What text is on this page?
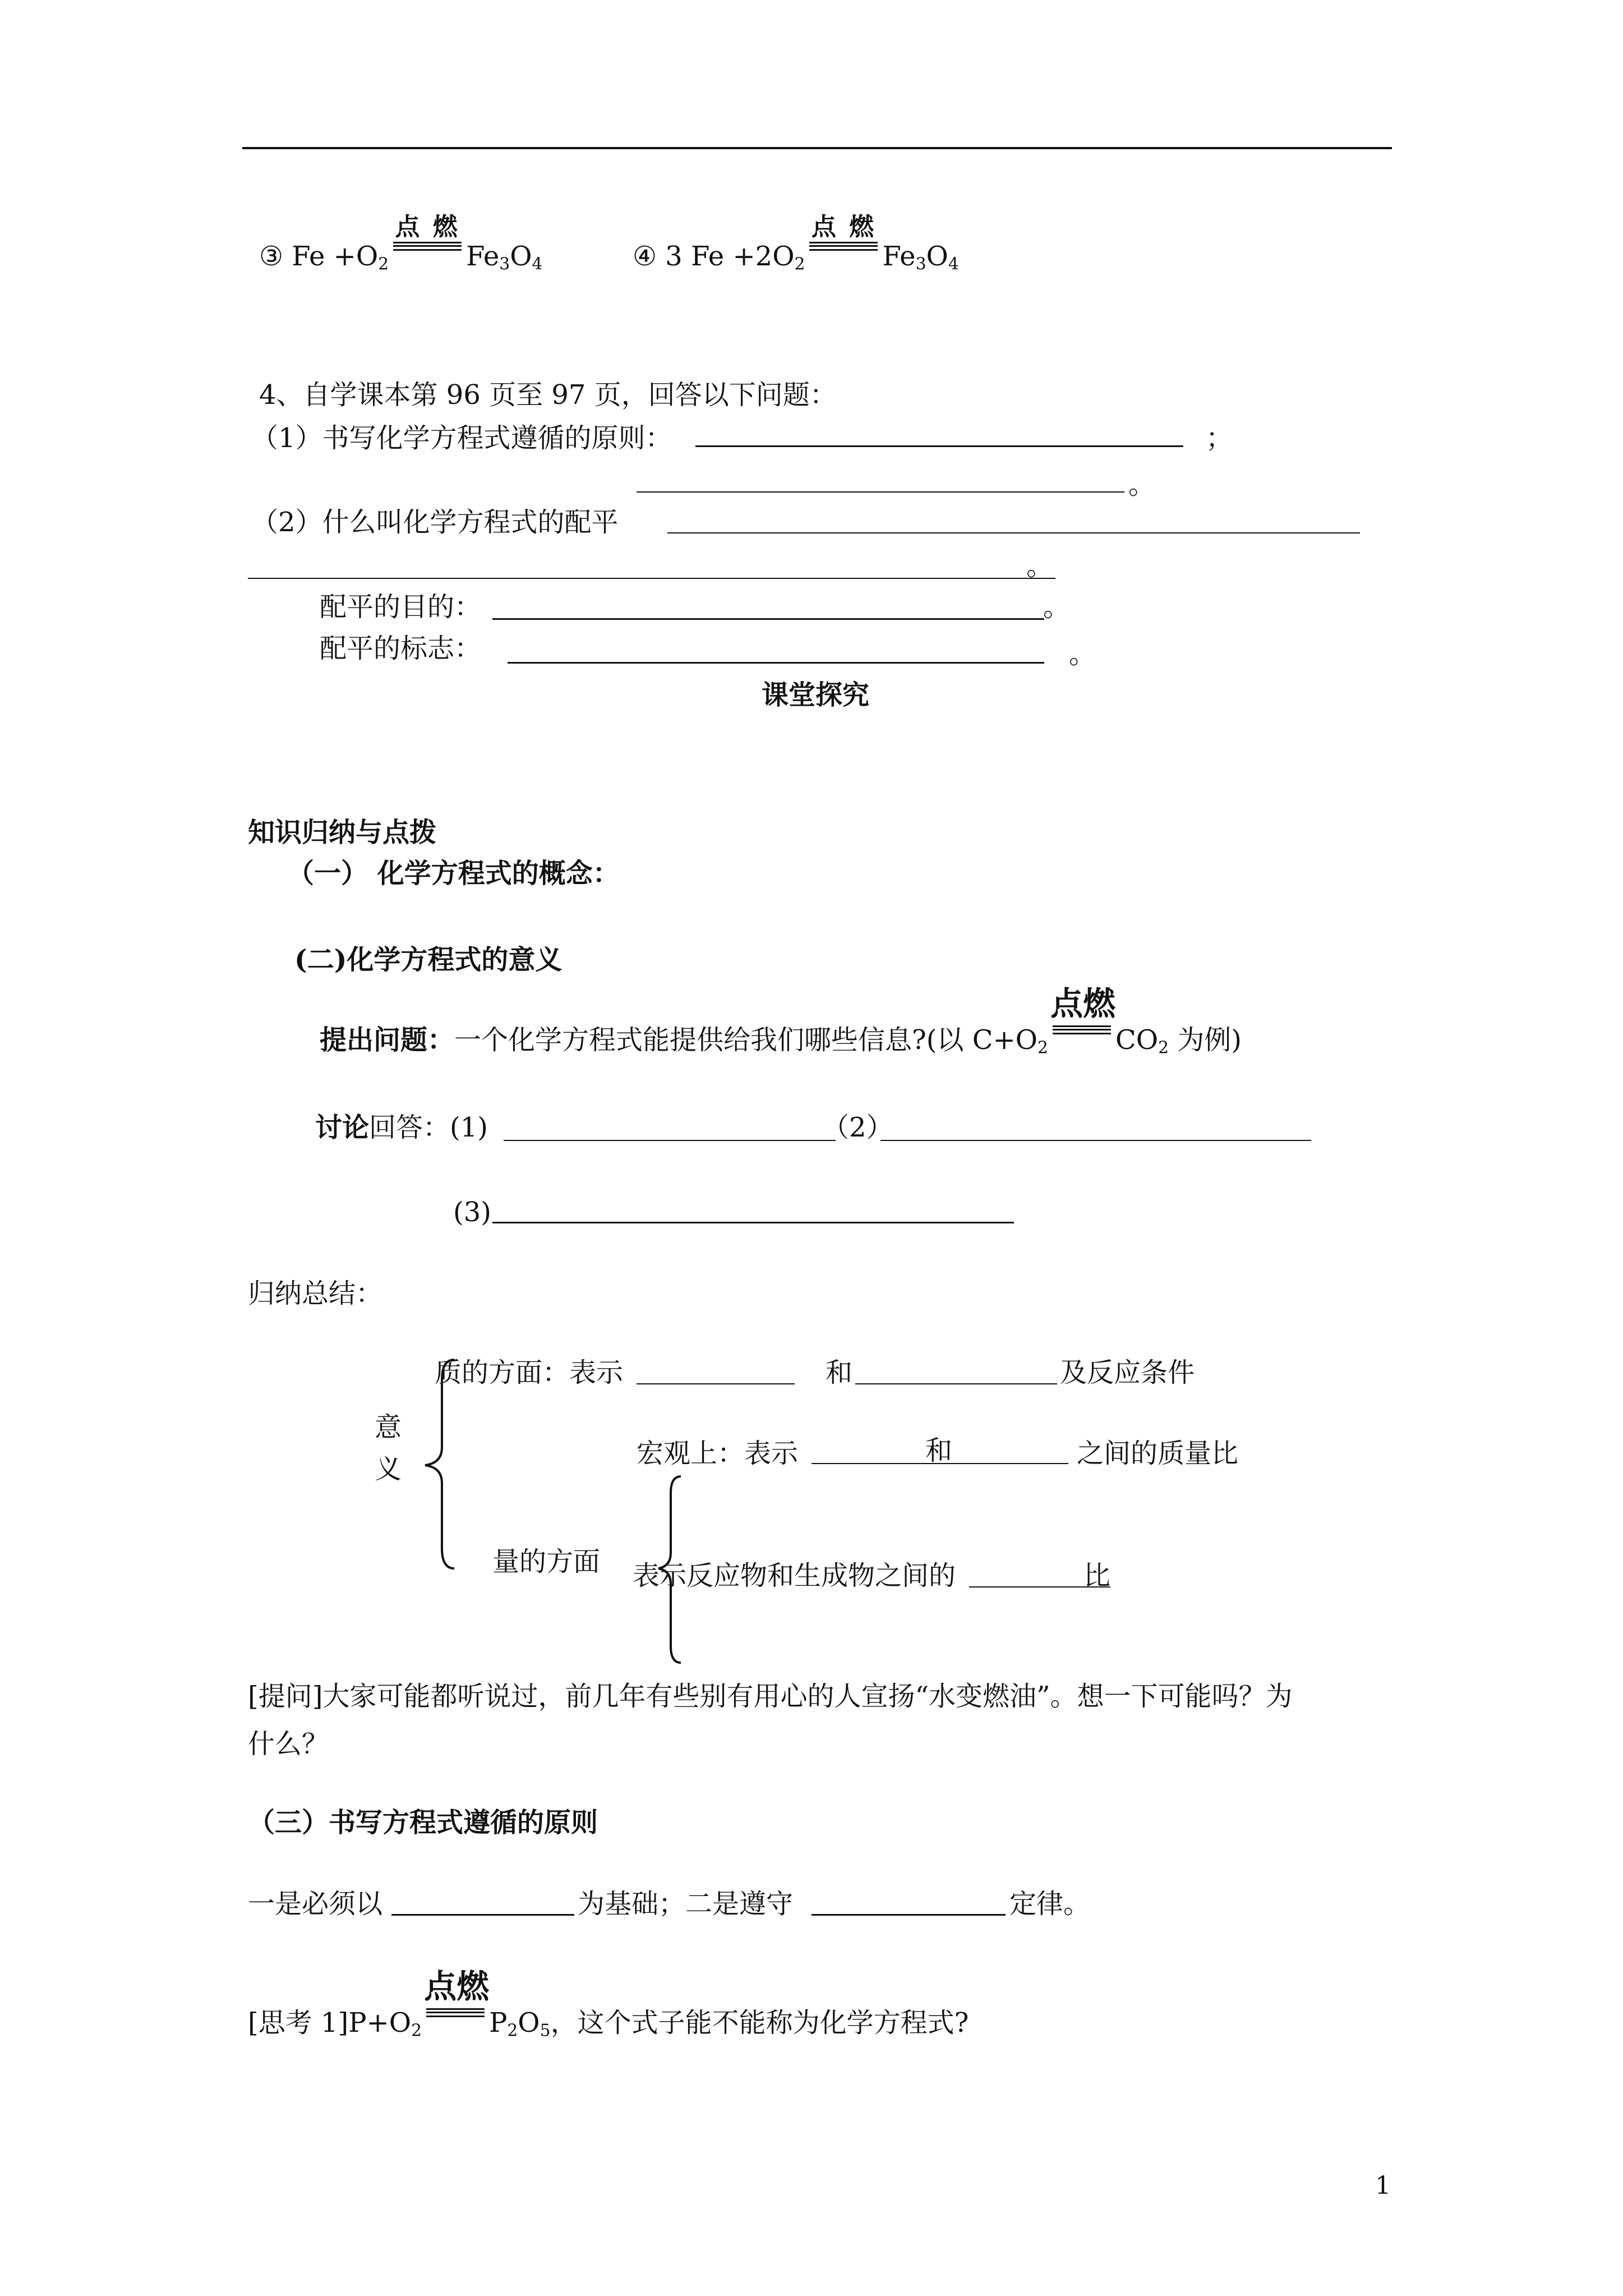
③ $Fe +O_2$
点 燃
$Fe_3O_4$	④ 3 $Fe +2O_2$
点 燃
$Fe_3O_4$
4、自学课本第 96 页至 97 页，回答以下问题：
（1）书写化学方程式遵循的原则：	；
。
（2）什么叫化学方程式的配平
。
配平的目的：	。
配平的标志：	。
课堂探究
知识归纳与点拨
（一） 化学方程式的概念：
(二)化学方程式的意义
提出问题：一个化学方程式能提供给我们哪些信息?(以 $C+O_2$
点燃
$CO_2$ 为例)
讨论回答：(1)	（2）
(3)
归纳总结：
意
义
质的方面：表示	和	及反应条件
宏观上：表示	和	之间的质量比
量的方面 表示反应物和生成物之间的	比
[提问]大家可能都听说过，前几年有些别有用心的人宣扬“水变燃油”。想一下可能吗？为
什么？
（三）书写方程式遵循的原则
一是必须以	为基础；二是遵守	定律。
[思考 $1]P+O_2$
点燃
$P_2O_5$，这个式子能不能称为化学方程式?
1
